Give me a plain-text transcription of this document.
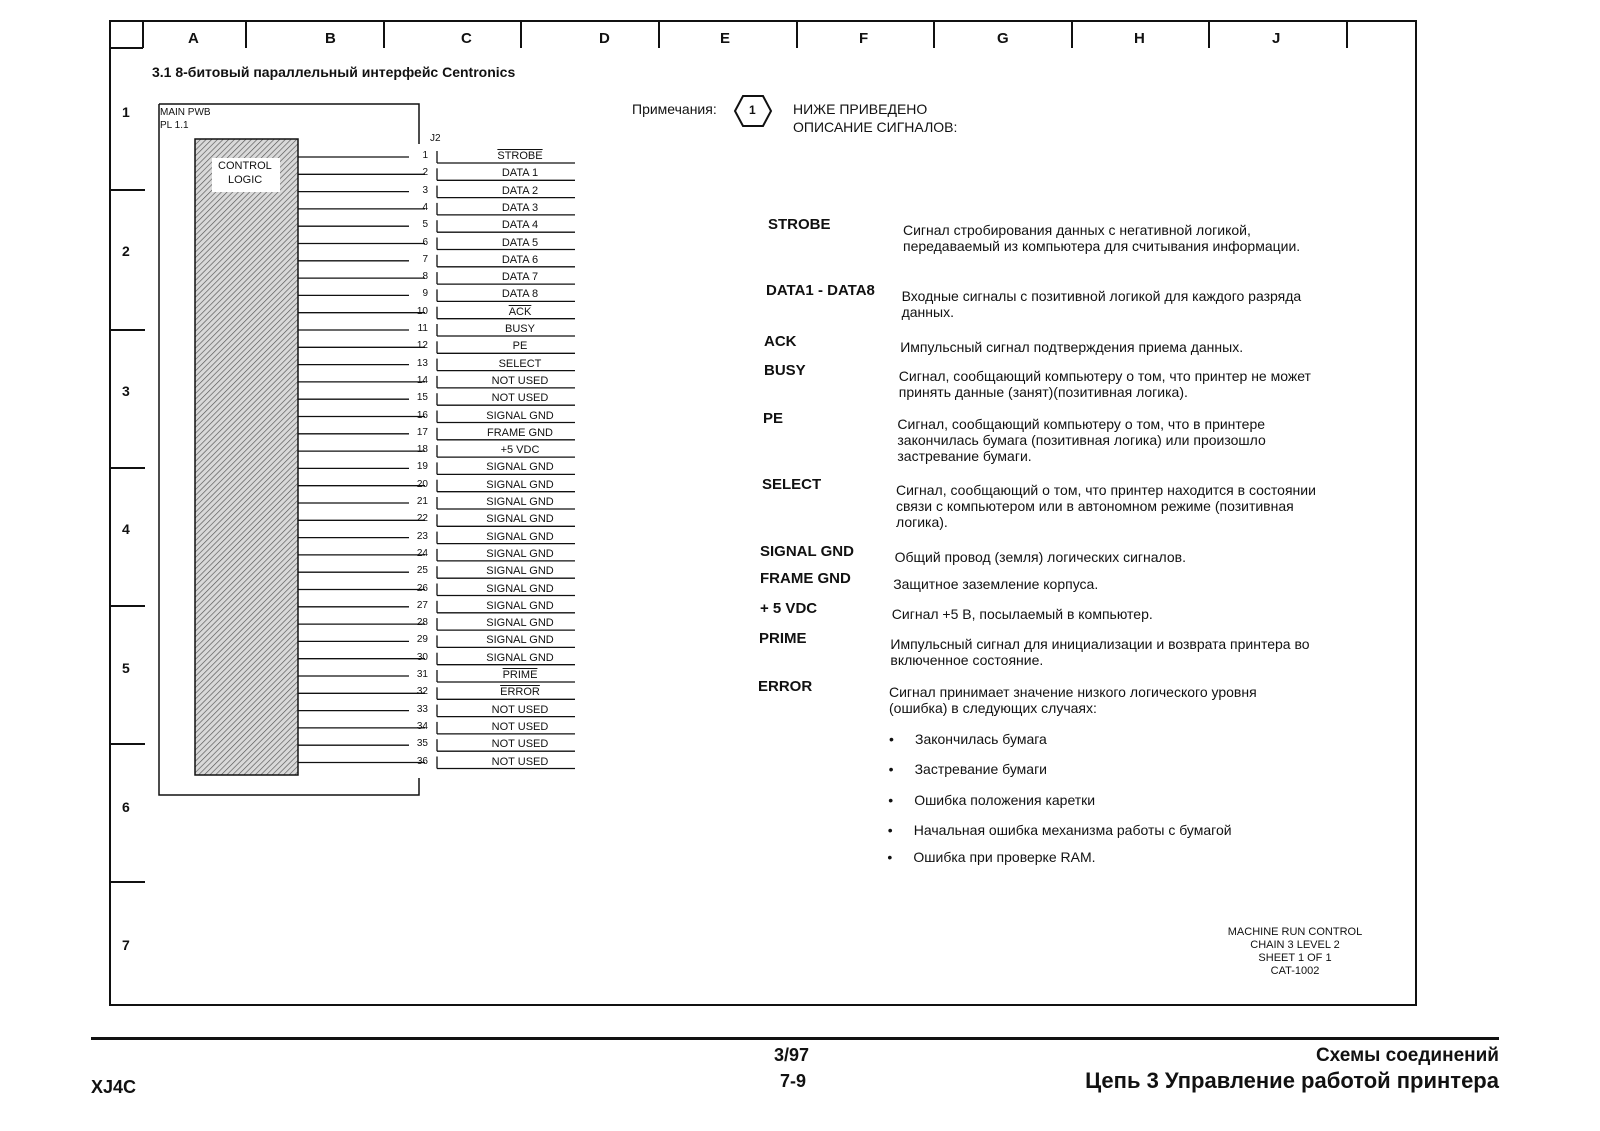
A	B	C	D	E	F	G	H	J
1
2
3
4
5
6
7
3.1 8-битовый параллельный интерфейс Centronics
MAIN PWB
PL 1.1
CONTROL
LOGIC
J2
1	STROBE
2	DATA 1
3	DATA 2
4	DATA 3
5	DATA 4
6	DATA 5
7	DATA 6
8	DATA 7
9	DATA 8
10	$\overline{ACK}$
11	BUSY
12	PE
13	SELECT
14	NOT USED
15	NOT USED
16	SIGNAL GND
17	FRAME GND
18	+5 VDC
19	SIGNAL GND
20	SIGNAL GND
21	SIGNAL GND
22	SIGNAL GND
23	SIGNAL GND
24	SIGNAL GND
25	SIGNAL GND
26	SIGNAL GND
27	SIGNAL GND
28	SIGNAL GND
29	SIGNAL GND
30	SIGNAL GND
31	PRIME
32	ERROR
33	NOT USED
34	NOT USED
35	NOT USED
36	NOT USED
Примечания:	1	НИЖЕ ПРИВЕДЕНО
ОПИСАНИЕ СИГНАЛОВ:
STROBE	Сигнал стробирования данных с негативной логикой, передаваемый из компьютера для считывания информации.
DATA1 - DATA8 Входные сигналы с позитивной логикой для каждого разряда данных.
ACK	Импульсный сигнал подтверждения приема данных.
BUSY	Сигнал, сообщающий компьютеру о том, что принтер не может принять данные (занят)(позитивная логика).
PE	Сигнал, сообщающий компьютеру о том, что в принтере закончилась бумага (позитивная логика) или произошло застревание бумаги.
SELECT	Сигнал, сообщающий о том, что принтер находится в состоянии связи с компьютером или в автономном режиме (позитивная логика).
SIGNAL GND	Общий провод (земля) логических сигналов.
FRAME GND	Защитное заземление корпуса.
+ 5 VDC	Сигнал +5 В, посылаемый в компьютер.
PRIME	Импульсный сигнал для инициализации и возврата принтера во включенное состояние.
ERROR	Сигнал принимает значение низкого логического уровня (ошибка) в следующих случаях:
• Закончилась бумага
• Застревание бумаги
• Ошибка положения каретки
• Начальная ошибка механизма работы с бумагой
• Ошибка при проверке RAM.
MACHINE RUN CONTROL
CHAIN 3 LEVEL 2
SHEET 1 OF 1
CAT-1002
XJ4C
3/97
7-9
Схемы соединений
Цепь 3 Управление работой принтера
